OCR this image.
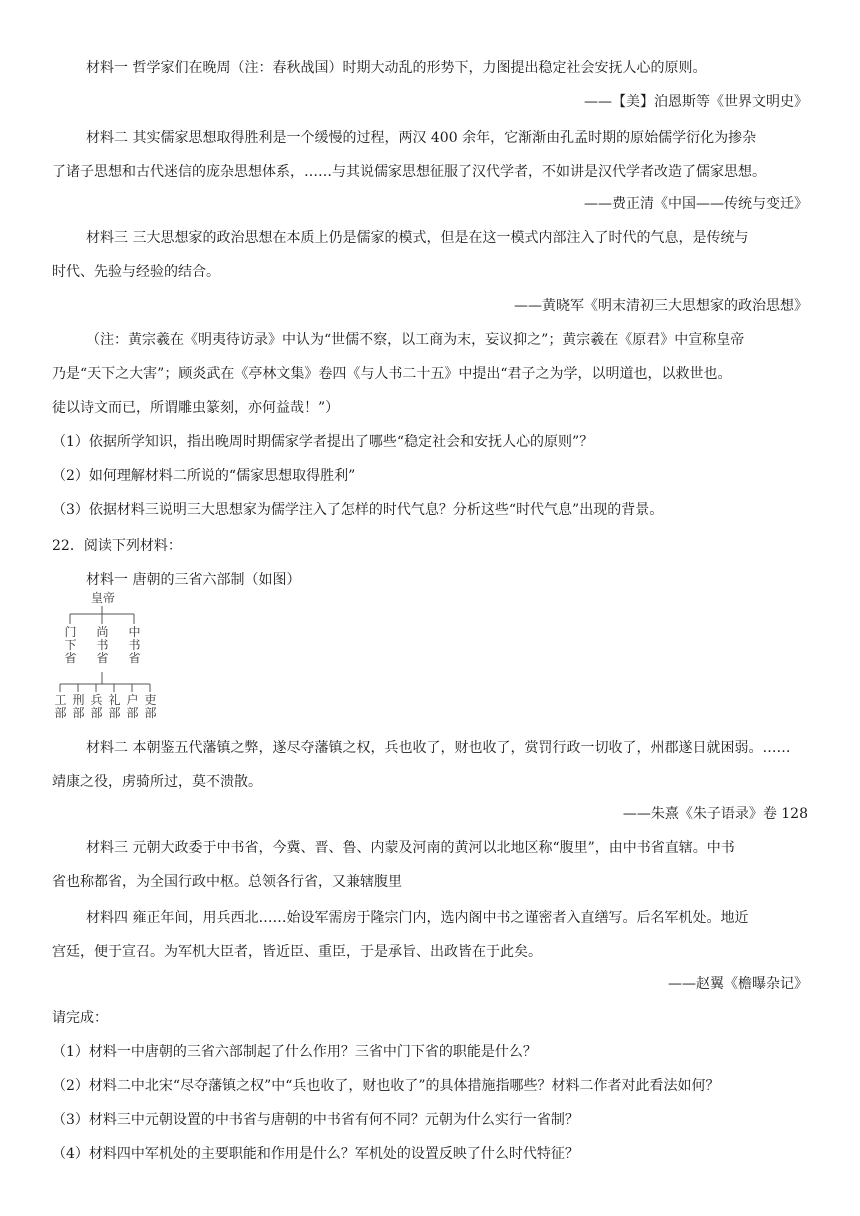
材料一 哲学家们在晚周（注：春秋战国）时期大动乱的形势下，力图提出稳定社会安抚人心的原则。
——【美】泊恩斯等《世界文明史》
材料二 其实儒家思想取得胜利是一个缓慢的过程，两汉 400 余年，它渐渐由孔孟时期的原始儒学衍化为掺杂
了诸子思想和古代迷信的庞杂思想体系，……与其说儒家思想征服了汉代学者，不如讲是汉代学者改造了儒家思想。
——费正清《中国——传统与变迁》
材料三 三大思想家的政治思想在本质上仍是儒家的模式，但是在这一模式内部注入了时代的气息，是传统与
时代、先验与经验的结合。
——黄晓军《明末清初三大思想家的政治思想》
（注：黄宗羲在《明夷待访录》中认为“世儒不察，以工商为末，妄议抑之”；黄宗羲在《原君》中宣称皇帝
乃是“天下之大害”；顾炎武在《亭林文集》卷四《与人书二十五》中提出“君子之为学，以明道也，以救世也。
徒以诗文而已，所谓雕虫篆刻，亦何益哉！”）
（1）依据所学知识，指出晚周时期儒家学者提出了哪些“稳定社会和安抚人心的原则”？
（2）如何理解材料二所说的“儒家思想取得胜利”
（3）依据材料三说明三大思想家为儒学注入了怎样的时代气息？分析这些“时代气息”出现的背景。
22．阅读下列材料：
材料一 唐朝的三省六部制（如图）
皇帝
门下省
尚书省
中书省
工部
刑部
兵部
礼部
户部
吏部
材料二 本朝鉴五代藩镇之弊，遂尽夺藩镇之权，兵也收了，财也收了，赏罚行政一切收了，州郡遂日就困弱。……
靖康之役，虏骑所过，莫不溃散。
——朱熹《朱子语录》卷 128
材料三 元朝大政委于中书省，今冀、晋、鲁、内蒙及河南的黄河以北地区称“腹里”，由中书省直辖。中书
省也称都省，为全国行政中枢。总领各行省，又兼辖腹里
材料四 雍正年间，用兵西北……始设军需房于隆宗门内，选内阁中书之谨密者入直缮写。后名军机处。地近
宫廷，便于宣召。为军机大臣者，皆近臣、重臣，于是承旨、出政皆在于此矣。
——赵翼《檐曝杂记》
请完成：
（1）材料一中唐朝的三省六部制起了什么作用？三省中门下省的职能是什么？
（2）材料二中北宋“尽夺藩镇之权”中“兵也收了，财也收了”的具体措施指哪些？材料二作者对此看法如何？
（3）材料三中元朝设置的中书省与唐朝的中书省有何不同？元朝为什么实行一省制？
（4）材料四中军机处的主要职能和作用是什么？军机处的设置反映了什么时代特征？
